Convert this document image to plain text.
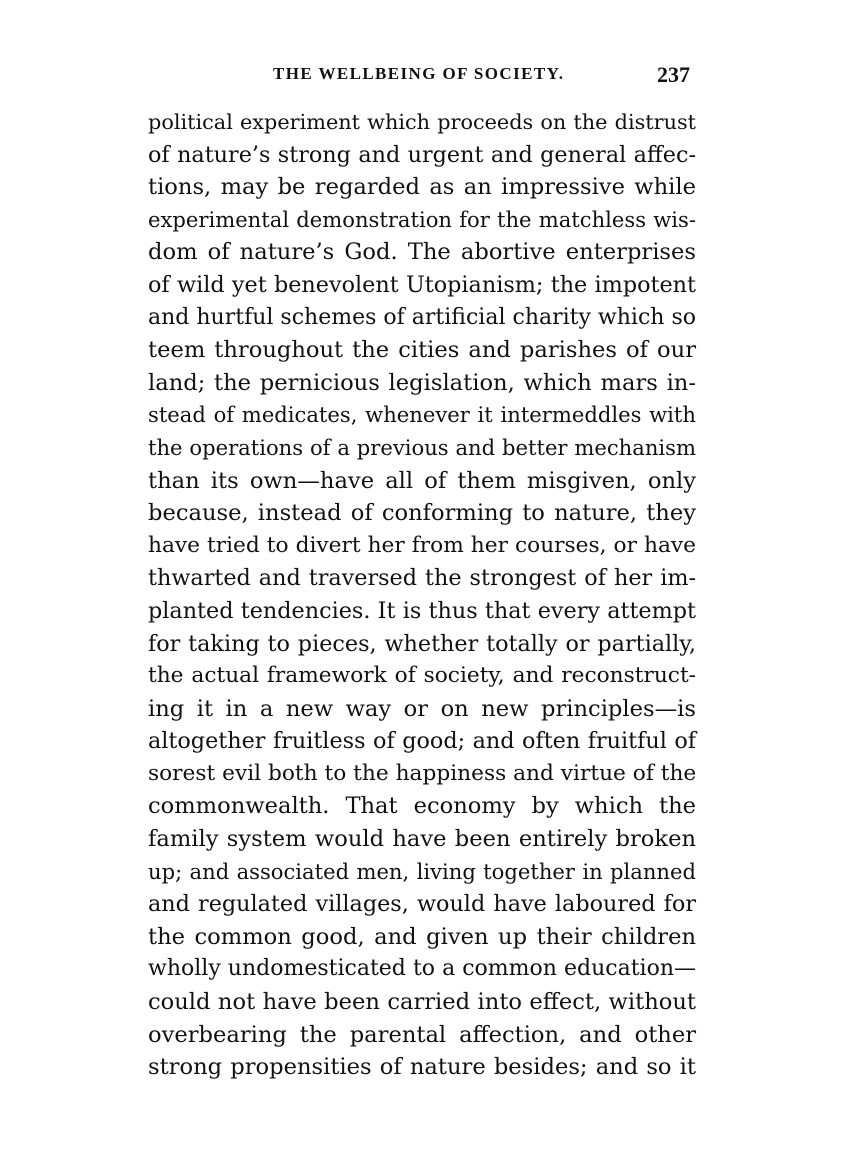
THE WELLBEING OF SOCIETY.	237
political experiment which proceeds on the distrust
of nature’s strong and urgent and general affec-
tions, may be regarded as an impressive while
experimental demonstration for the matchless wis-
dom of nature’s God. The abortive enterprises
of wild yet benevolent Utopianism; the impotent
and hurtful schemes of artificial charity which so
teem throughout the cities and parishes of our
land; the pernicious legislation, which mars in-
stead of medicates, whenever it intermeddles with
the operations of a previous and better mechanism
than its own—have all of them misgiven, only
because, instead of conforming to nature, they
have tried to divert her from her courses, or have
thwarted and traversed the strongest of her im-
planted tendencies. It is thus that every attempt
for taking to pieces, whether totally or partially,
the actual framework of society, and reconstruct-
ing it in a new way or on new principles—is
altogether fruitless of good; and often fruitful of
sorest evil both to the happiness and virtue of the
commonwealth. That economy by which the
family system would have been entirely broken
up; and associated men, living together in planned
and regulated villages, would have laboured for
the common good, and given up their children
wholly undomesticated to a common education—
could not have been carried into effect, without
overbearing the parental affection, and other
strong propensities of nature besides; and so it
